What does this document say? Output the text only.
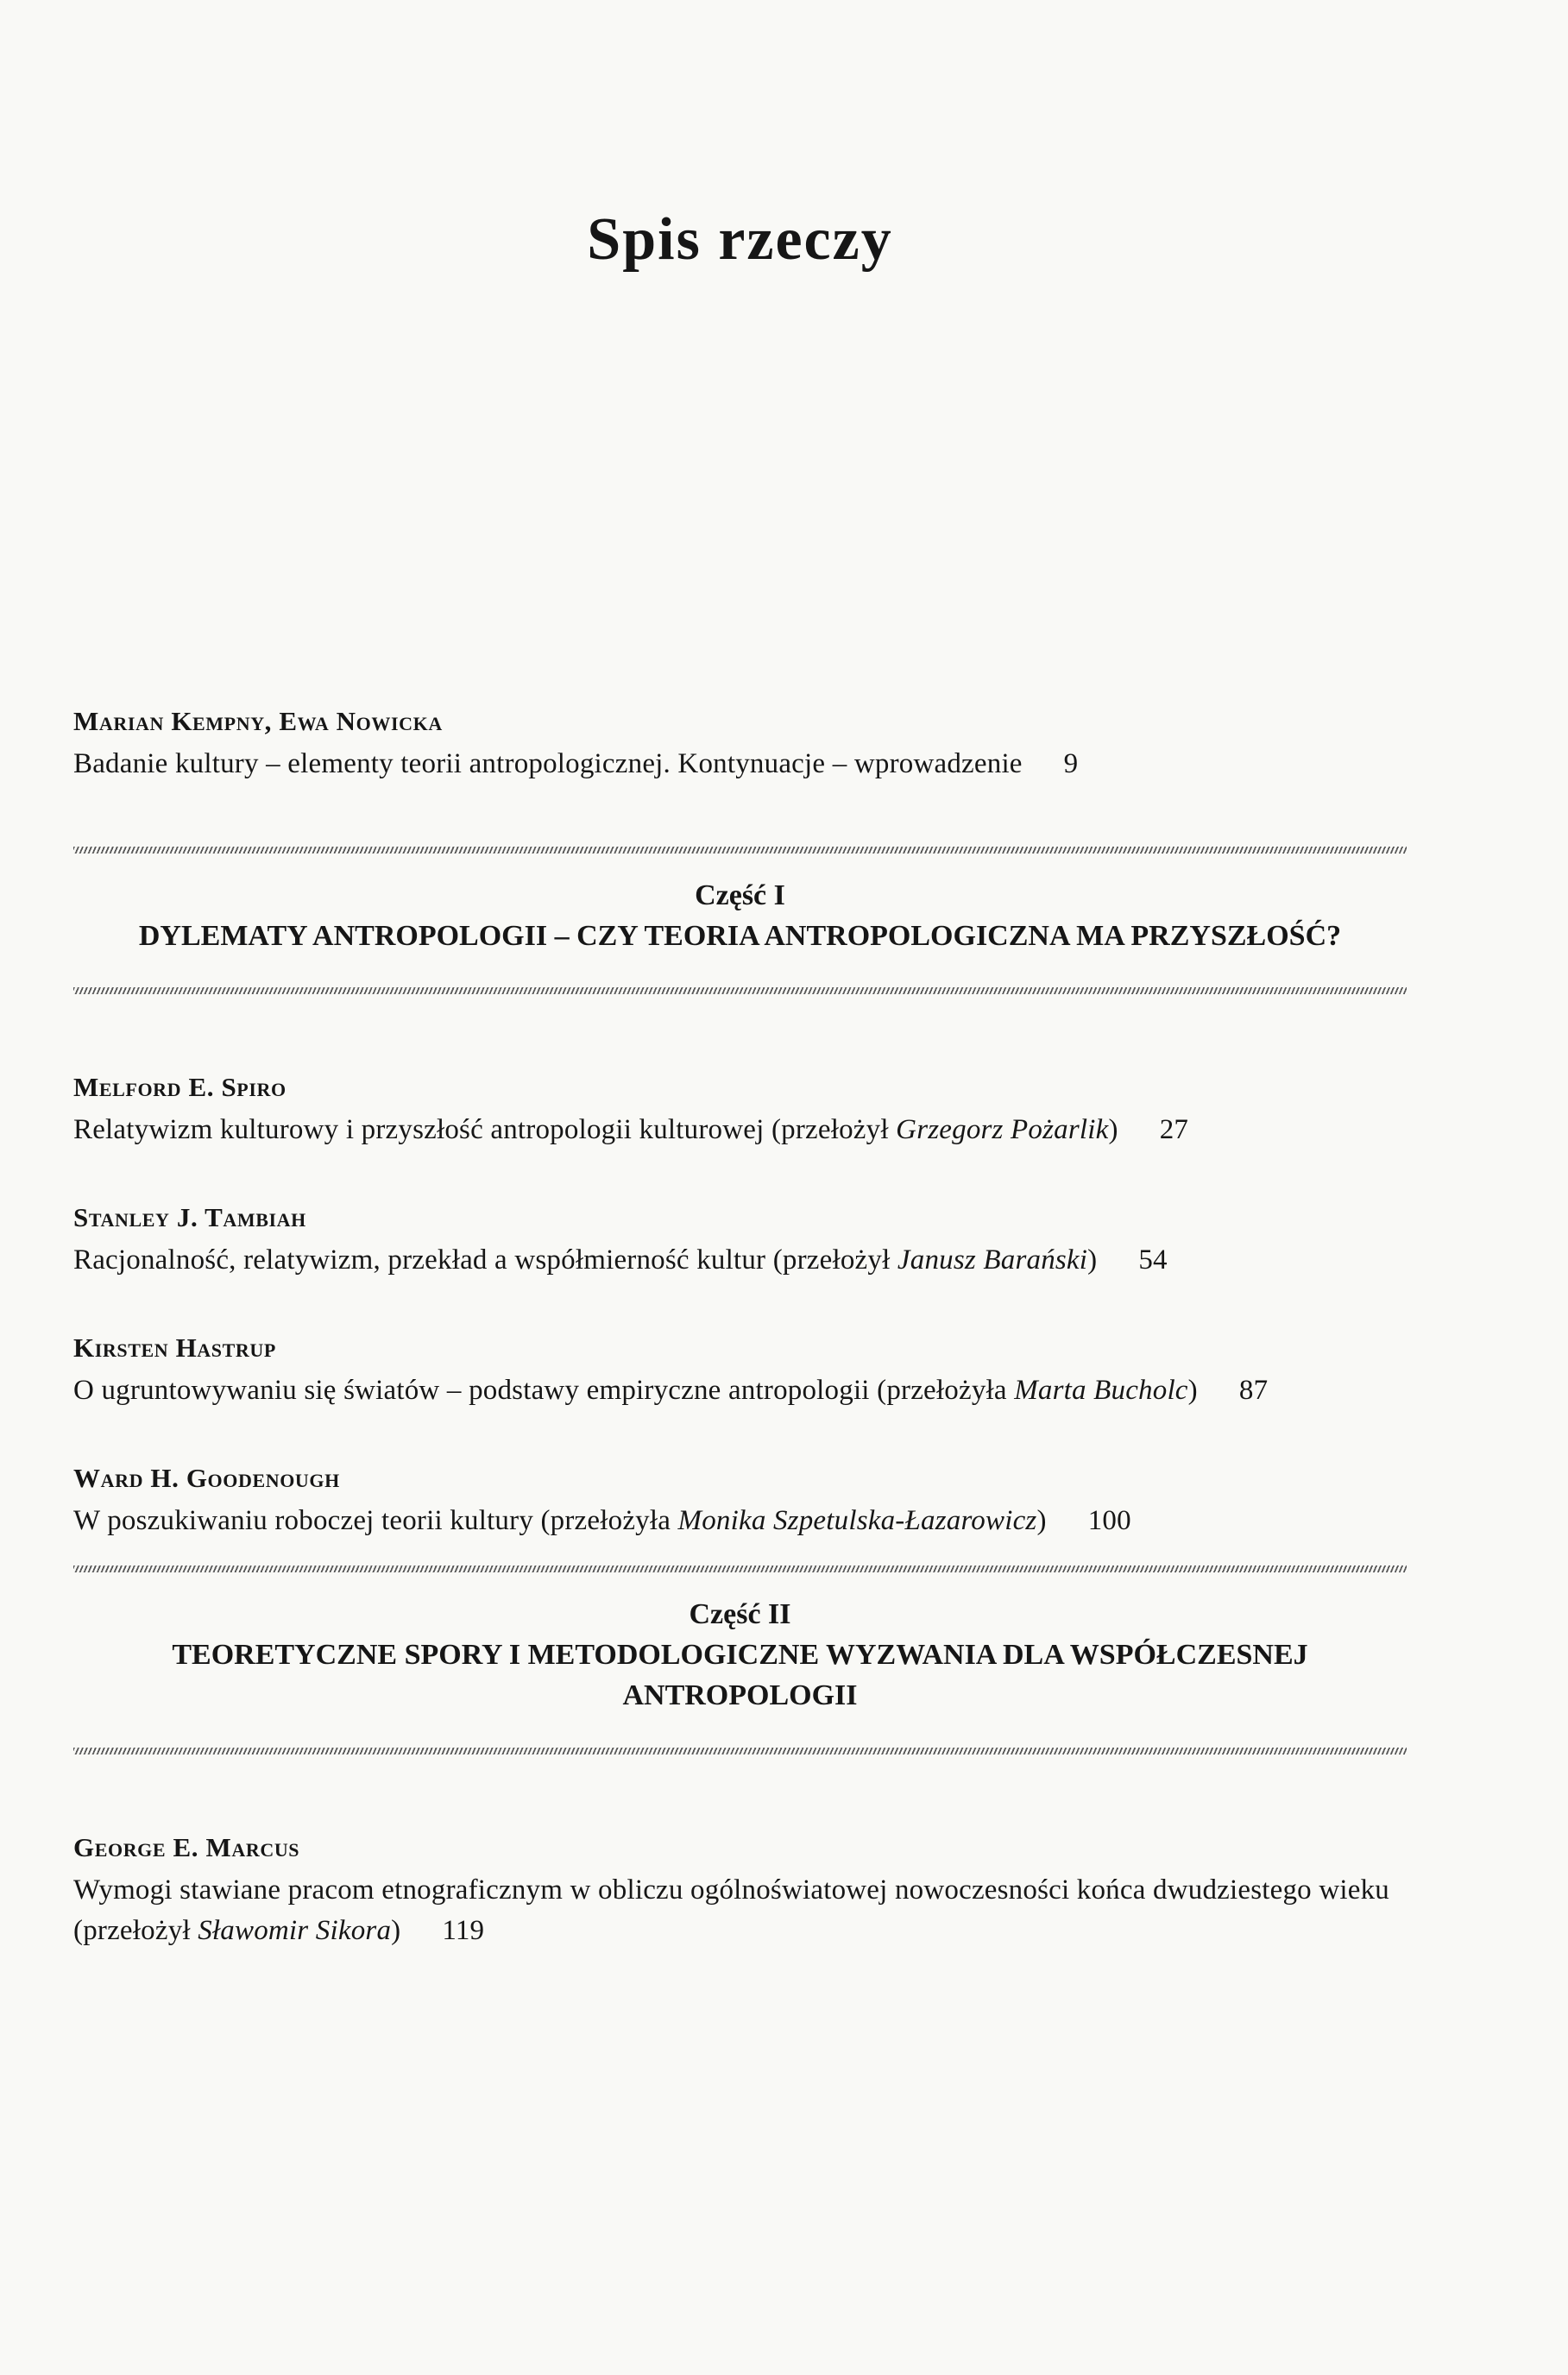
Spis rzeczy
Marian Kempny, Ewa Nowicka
Badanie kultury – elementy teorii antropologicznej. Kontynuacje – wprowadzenie 9
Część I
DYLEMATY ANTROPOLOGII – CZY TEORIA ANTROPOLOGICZNA MA PRZYSZŁOŚĆ?
Melford E. Spiro
Relatywizm kulturowy i przyszłość antropologii kulturowej (przełożył Grzegorz Pożarlik) 27
Stanley J. Tambiah
Racjonalność, relatywizm, przekład a współmierność kultur (przełożył Janusz Barański) 54
Kirsten Hastrup
O ugruntowywaniu się światów – podstawy empiryczne antropologii (przełożyła Marta Bucholc) 87
Ward H. Goodenough
W poszukiwaniu roboczej teorii kultury (przełożyła Monika Szpetulska-Łazarowicz) 100
Część II
TEORETYCZNE SPORY I METODOLOGICZNE WYZWANIA DLA WSPÓŁCZESNEJ ANTROPOLOGII
George E. Marcus
Wymogi stawiane pracom etnograficznym w obliczu ogólnoświatowej nowoczesności końca dwudziestego wieku (przełożył Sławomir Sikora) 119
